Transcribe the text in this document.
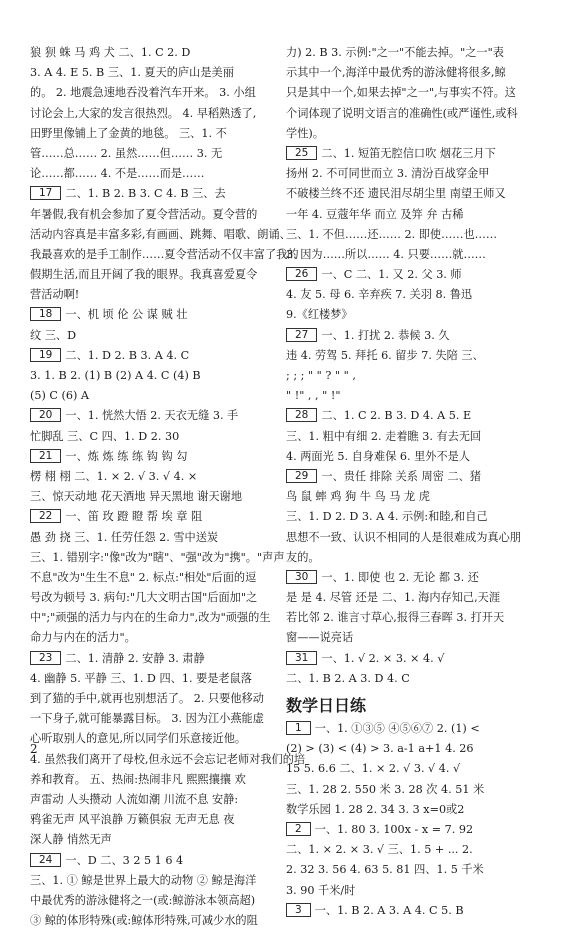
狼 狈 蛛 马 鸡 犬 二、1. C 2. D

3. A 4. E 5. B 三、1. 夏天的庐山是美丽

的。 2. 地震急速地吞没着汽车开来。 3. 小组

讨论会上,大家的发言很热烈。 4. 早稻熟透了,

田野里像铺上了金黄的地毯。 三、1. 不

管……总…… 2. 虽然……但…… 3. 无

论……都…… 4. 不是……而是……

17 二、1. B 2. B 3. C 4. B 三、去

年暑假,我有机会参加了夏令营活动。夏令营的

活动内容真是丰富多彩,有画画、跳舞、唱歌、朗诵、

我最喜欢的是手工制作……夏令营活动不仅丰富了我的

假期生活,而且开阔了我的眼界。我真喜爱夏令

营活动啊!

18 一、机 顷 伦 公 谋 贼 壮

纹 三、D

19 二、1. D 2. B 3. A 4. C

3. 1. B 2. (1) B (2) A 4. C (4) B

(5) C (6) A

20 一、1. 恍然大悟 2. 天衣无缝 3. 手

忙脚乱 三、C 四、1. D 2. 30

21 一、炼 炼 练 练 钩 钩 勾

楞 栩 栩 二、1. × 2. √ 3. √ 4. ×

三、惊天动地 花天酒地 异天黑地 谢天谢地

22 一、笛 玫 蹬 瞪 帮 埃 章 阻

愚 劲 挠 三、1. 任劳任怨 2. 雪中送炭

三、1. 错别字:"像"改为"瞎"、"强"改为"携"。"声声

不息"改为"生生不息" 2. 标点:"相处"后面的逗

号改为顿号 3. 病句:"几大文明古国"后面加"之

中";"顽强的活力与内在的生命力",改为"顽强的生

命力与内在的活力"。

23 二、1. 清静 2. 安静 3. 肃静

4. 幽静 5. 平静 三、1. D 四、1. 要是老鼠落

到了猫的手中,就再也别想活了。 2. 只要他移动

一下身子,就可能暴露目标。 3. 因为江小燕能虚

心听取别人的意见,所以同学们乐意接近他。

4. 虽然我们离开了母校,但永远不会忘记老师对我们的培

养和教育。 五、热闹:热闹非凡 熙熙攘攘 欢

声雷动 人头攒动 人流如潮 川流不息 安静:

鸦雀无声 风平浪静 万籁俱寂 无声无息 夜

深人静 悄然无声

24 一、D 二、3 2 5 1 6 4

三、1. ① 鲸是世界上最大的动物 ② 鲸是海洋

中最优秀的游泳健将之一(或:鲸游泳本领高超)

③ 鲸的体形特殊(或:鲸体形特殊,可减少水的阻

力) 2. B 3. 示例:"之一"不能去掉。"之一"表

示其中一个,海洋中最优秀的游泳健将很多,鲸

只是其中一个,如果去掉"之一",与事实不符。这

个词体现了说明文语言的准确性(或严谨性,或科

学性)。

25 二、1. 短笛无腔信口吹 烟花三月下

扬州 2. 不可同世而立 3. 清汾百战穿金甲

不破楼兰终不还 遗民泪尽胡尘里 南望王师又

一年 4. 豆蔻年华 而立 及笄 弁 古稀

三、1. 不但……还…… 2. 即使……也……

3. 因为……所以…… 4. 只要……就……

26 一、C 二、1. 又 2. 父 3. 师

4. 友 5. 母 6. 辛弃疾 7. 关羽 8. 鲁迅

9.《红楼梦》

27 一、1. 打扰 2. 恭候 3. 久

违 4. 劳驾 5. 拜托 6. 留步 7. 失陪 三、

; ; ; " " ? " " ,

" !" , , " !"

28 二、1. C 2. B 3. D 4. A 5. E

三、1. 粗中有细 2. 走着瞧 3. 有去无回

4. 两面光 5. 自身难保 6. 里外不是人

29 一、贵任 排除 关系 周密 二、猪

鸟 鼠 蟀 鸡 狗 牛 鸟 马 龙 虎

三、1. D 2. D 3. A 4. 示例:和睦,和自己

思想不一致、认识不相同的人是很难成为真心朋

友的。

30 一、1. 即使 也 2. 无论 都 3. 还

是 是 4. 尽管 还是 二、1. 海内存知己,天涯

若比邻 2. 谁言寸草心,报得三春晖 3. 打开天

窗——说亮话

31 一、1. √ 2. × 3. × 4. √

二、1. B 2. A 3. D 4. C

数学日日练

1 一、1. ①③⑤ ④⑤⑥⑦ 2. (1) <

(2) > (3) < (4) > 3. a-1 a+1 4. 26

15 5. 6.6 二、1. × 2. √ 3. √ 4. √

三、1. 28 2. 550 米 3. 28 次 4. 51 米

数学乐园 1. 28 2. 34 3. 3 x=0或2

2 一、1. 80 3. 100x - x = 7. 92

二、1. × 2. × 3. √ 三、1. 5 + ... 2.

2. 32 3. 56 4. 63 5. 81 四、1. 5 千米

3. 90 千米/时

3 一、1. B 2. A 3. A 4. C 5. B

2
